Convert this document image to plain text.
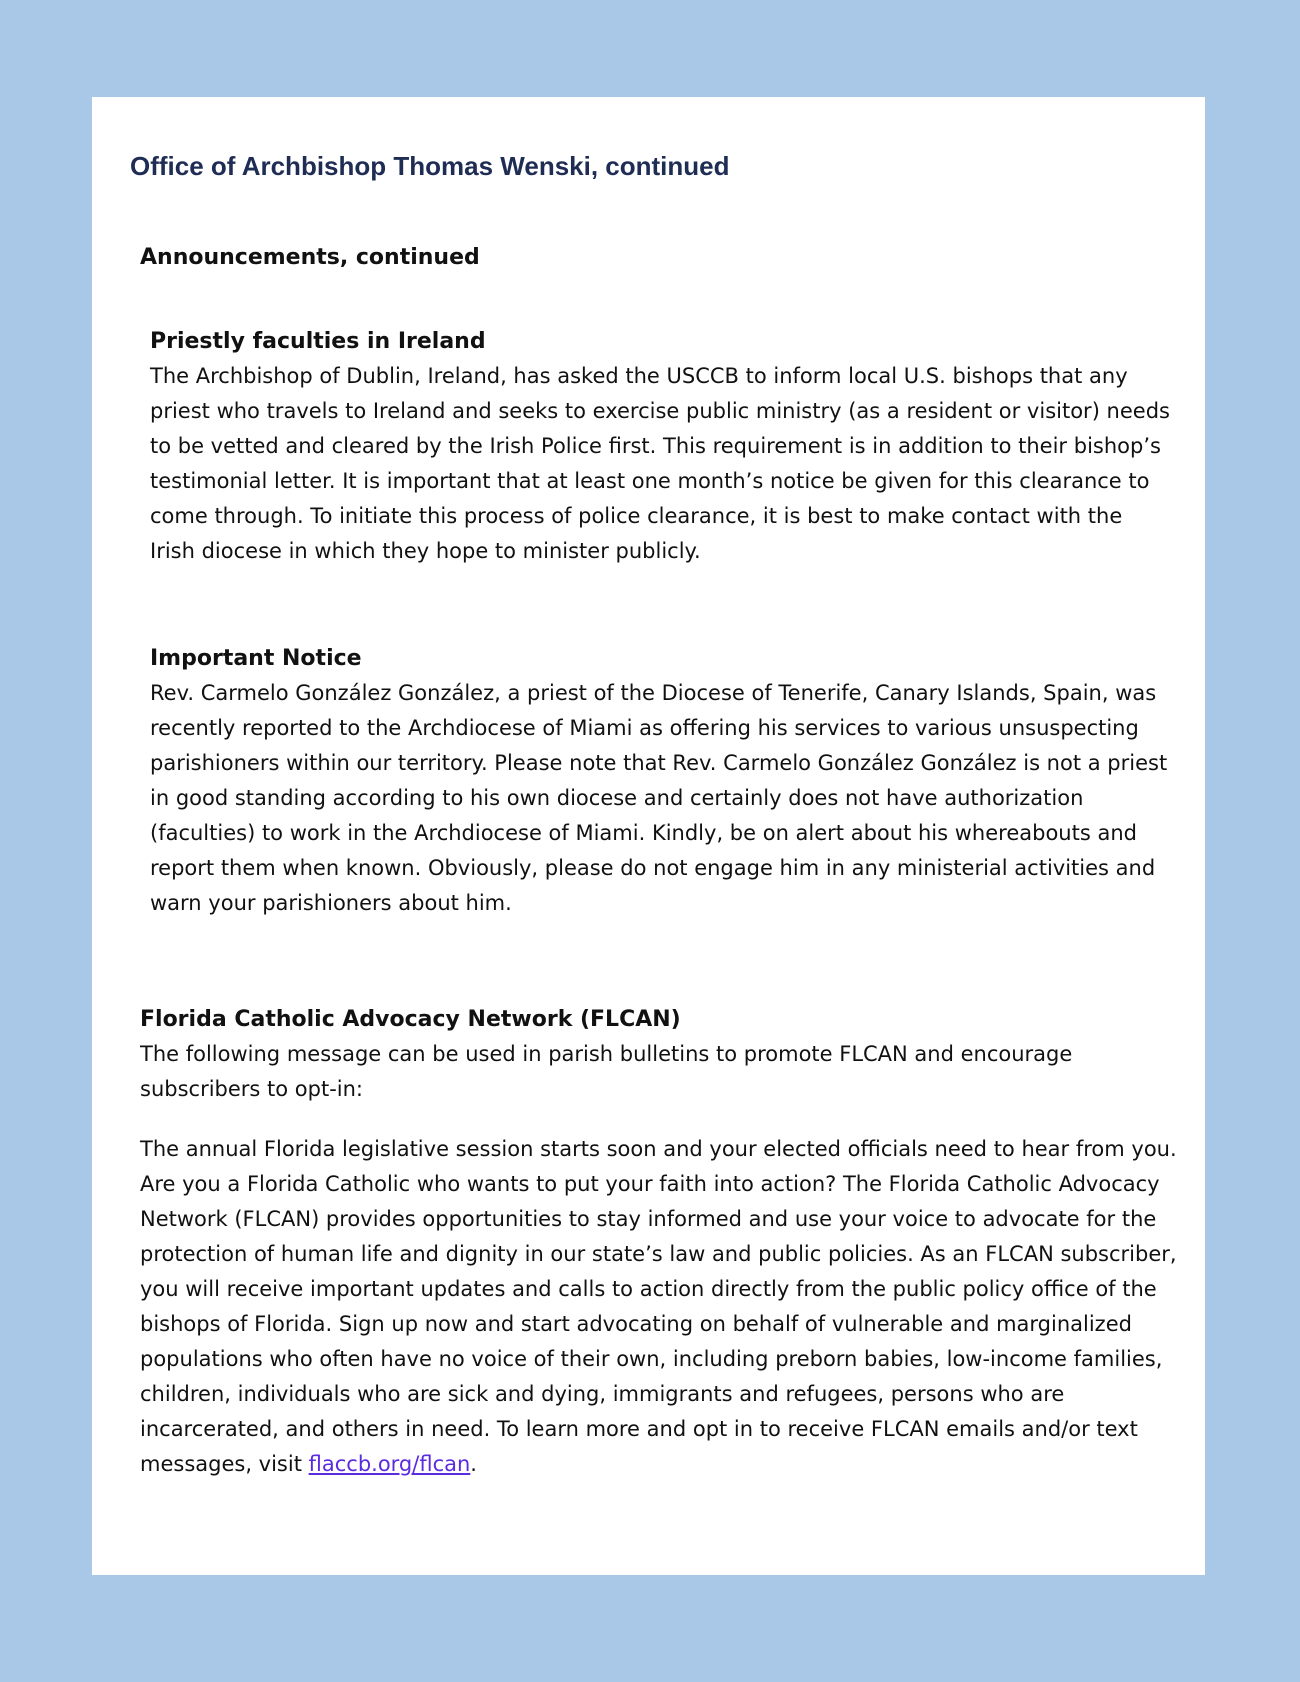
Office of Archbishop Thomas Wenski, continued
Announcements, continued

Priestly faculties in Ireland

The Archbishop of Dublin, Ireland, has asked the USCCB to inform local U.S. bishops that any priest who travels to Ireland and seeks to exercise public ministry (as a resident or visitor) needs to be vetted and cleared by the Irish Police first. This requirement is in addition to their bishop’s testimonial letter. It is important that at least one month’s notice be given for this clearance to come through. To initiate this process of police clearance, it is best to make contact with the Irish diocese in which they hope to minister publicly.

Important Notice

Rev. Carmelo González González, a priest of the Diocese of Tenerife, Canary Islands, Spain, was recently reported to the Archdiocese of Miami as offering his services to various unsuspecting parishioners within our territory. Please note that Rev. Carmelo González González is not a priest in good standing according to his own diocese and certainly does not have authorization (faculties) to work in the Archdiocese of Miami. Kindly, be on alert about his whereabouts and report them when known. Obviously, please do not engage him in any ministerial activities and warn your parishioners about him.

Florida Catholic Advocacy Network (FLCAN)

The following message can be used in parish bulletins to promote FLCAN and encourage subscribers to opt-in:

The annual Florida legislative session starts soon and your elected officials need to hear from you. Are you a Florida Catholic who wants to put your faith into action? The Florida Catholic Advocacy Network (FLCAN) provides opportunities to stay informed and use your voice to advocate for the protection of human life and dignity in our state’s law and public policies. As an FLCAN subscriber, you will receive important updates and calls to action directly from the public policy office of the bishops of Florida. Sign up now and start advocating on behalf of vulnerable and marginalized populations who often have no voice of their own, including preborn babies, low-income families, children, individuals who are sick and dying, immigrants and refugees, persons who are incarcerated, and others in need. To learn more and opt in to receive FLCAN emails and/or text messages, visit flaccb.org/flcan.
